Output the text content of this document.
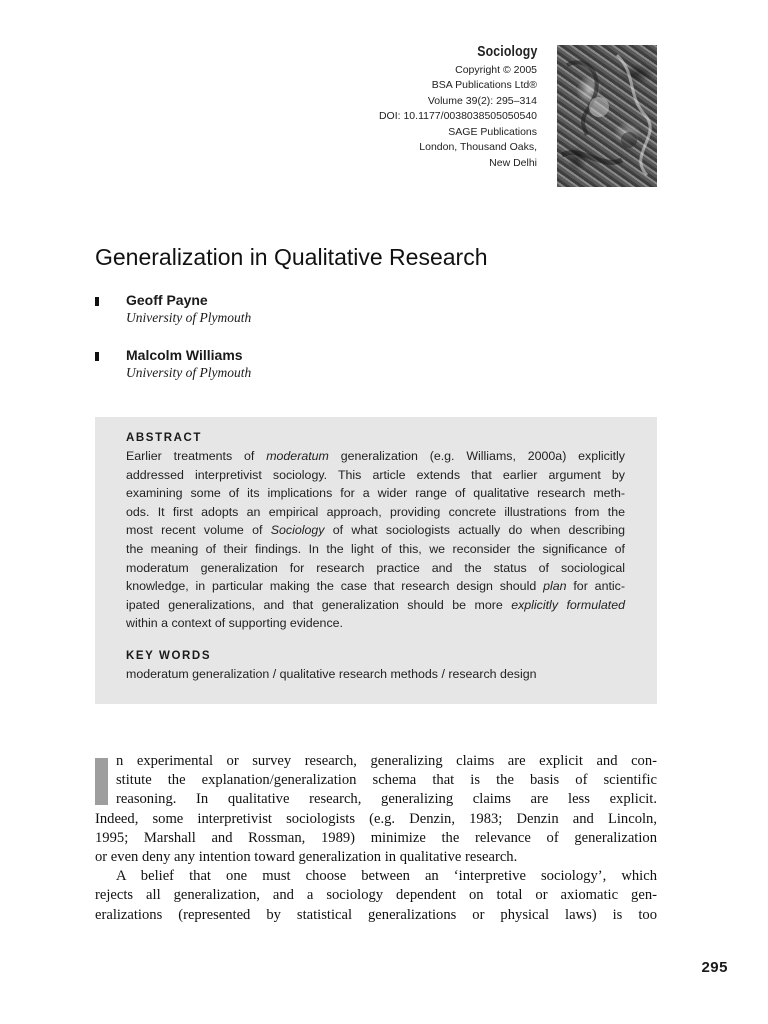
Sociology
Copyright © 2005
BSA Publications Ltd®
Volume 39(2): 295–314
DOI: 10.1177/0038038505050540
SAGE Publications
London, Thousand Oaks,
New Delhi
Generalization in Qualitative Research
Geoff Payne
University of Plymouth
Malcolm Williams
University of Plymouth
ABSTRACT
Earlier treatments of moderatum generalization (e.g. Williams, 2000a) explicitly
addressed interpretivist sociology. This article extends that earlier argument by
examining some of its implications for a wider range of qualitative research meth-
ods. It first adopts an empirical approach, providing concrete illustrations from the
most recent volume of Sociology of what sociologists actually do when describing
the meaning of their findings. In the light of this, we reconsider the significance of
moderatum generalization for research practice and the status of sociological
knowledge, in particular making the case that research design should plan for antic-
ipated generalizations, and that generalization should be more explicitly formulated
within a context of supporting evidence.
KEY WORDS
moderatum generalization / qualitative research methods / research design
n experimental or survey research, generalizing claims are explicit and con-
stitute the explanation/generalization schema that is the basis of scientific
reasoning. In qualitative research, generalizing claims are less explicit.
Indeed, some interpretivist sociologists (e.g. Denzin, 1983; Denzin and Lincoln,
1995; Marshall and Rossman, 1989) minimize the relevance of generalization
or even deny any intention toward generalization in qualitative research.
A belief that one must choose between an ‘interpretive sociology’, which
rejects all generalization, and a sociology dependent on total or axiomatic gen-
eralizations (represented by statistical generalizations or physical laws) is too
295
